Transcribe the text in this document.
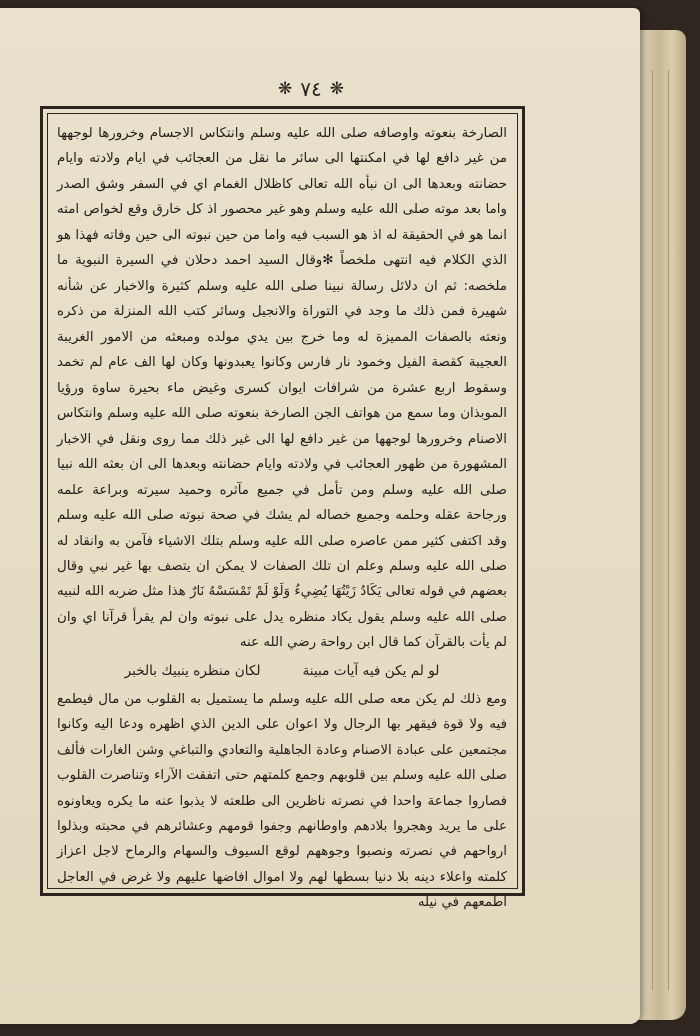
❋ ٧٤ ❋

الصارخة بنعوته واوصافه صلى الله عليه وسلم وانتكاس الاجسام وخرورها لوجهها من غير دافع لها في امكنتها الى سائر ما نقل من العجائب في ايام ولادته وايام حضانته وبعدها الى ان نبأه الله تعالى كاظلال الغمام اي في السفر وشق الصدر واما بعد موته صلى الله عليه وسلم وهو غير محصور اذ كل خارق وقع لخواص امته انما هو في الحقيقة له اذ هو السبب فيه واما من حين نبوته الى حين وفاته فهذا هو الذي الكلام فيه انتهى ملخصاً ✻وقال السيد احمد دحلان في السيرة النبوية ما ملخصه: ثم ان دلائل رسالة نبينا صلى الله عليه وسلم كثيرة والاخبار عن شأنه شهيرة فمن ذلك ما وجد في التوراة والانجيل وسائر كتب الله المنزلة من ذكره ونعته بالصفات المميزة له وما خرج بين يدي مولده ومبعثه من الامور الغريبة العجيبة كقصة الفيل وخمود نار فارس وكانوا يعبدونها وكان لها الف عام لم تخمد وسقوط اربع عشرة من شرافات ايوان كسرى وغيض ماء بحيرة ساوة ورؤيا الموبذان وما سمع من هواتف الجن الصارخة بنعوته صلى الله عليه وسلم وانتكاس الاصنام وخرورها لوجهها من غير دافع لها الى غير ذلك مما روى ونقل في الاخبار المشهورة من ظهور العجائب في ولادته وايام حضانته وبعدها الى ان بعثه الله نبيا صلى الله عليه وسلم ومن تأمل في جميع مآثره وحميد سيرته وبراعة علمه ورجاحة عقله وحلمه وجميع خصاله لم يشك في صحة نبوته صلى الله عليه وسلم وقد اكتفى كثير ممن عاصره صلى الله عليه وسلم بتلك الاشياء فآمن به وانقاد له صلى الله عليه وسلم وعلم ان تلك الصفات لا يمكن ان يتصف بها غير نبي وقال بعضهم في قوله تعالى يَكَادُ زَيْتُهَا يُضِيءُ وَلَوْ لَمْ تَمْسَسْهُ نَارٌ هذا مثل ضربه الله لنبيه صلى الله عليه وسلم يقول يكاد منظره يدل على نبوته وان لم يقرأ قرآنا اي وان لم يأت بالقرآن كما قال ابن رواحة رضي الله عنه

لو لم يكن فيه آيات مبينة
لكان منظره ينبيك بالخبر

ومع ذلك لم يكن معه صلى الله عليه وسلم ما يستميل به القلوب من مال فيطمع فيه ولا قوة فيقهر بها الرجال ولا اعوان على الدين الذي اظهره ودعا اليه وكانوا مجتمعين على عبادة الاصنام وعادة الجاهلية والتعادي والتباغي وشن الغارات فألف صلى الله عليه وسلم بين قلوبهم وجمع كلمتهم حتى اتفقت الآراء وتناصرت القلوب فصاروا جماعة واحدا في نصرته ناظرين الى طلعته لا يذبوا عنه ما يكره ويعاونوه على ما يريد وهجروا بلادهم واوطانهم وجفوا قومهم وعشائرهم في محبته وبذلوا ارواحهم في نصرته ونصبوا وجوههم لوقع السيوف والسهام والرماح لاجل اعزاز كلمته واعلاء دينه بلا دنيا بسطها لهم ولا اموال افاضها عليهم ولا غرض في العاجل اطمعهم في نيله
